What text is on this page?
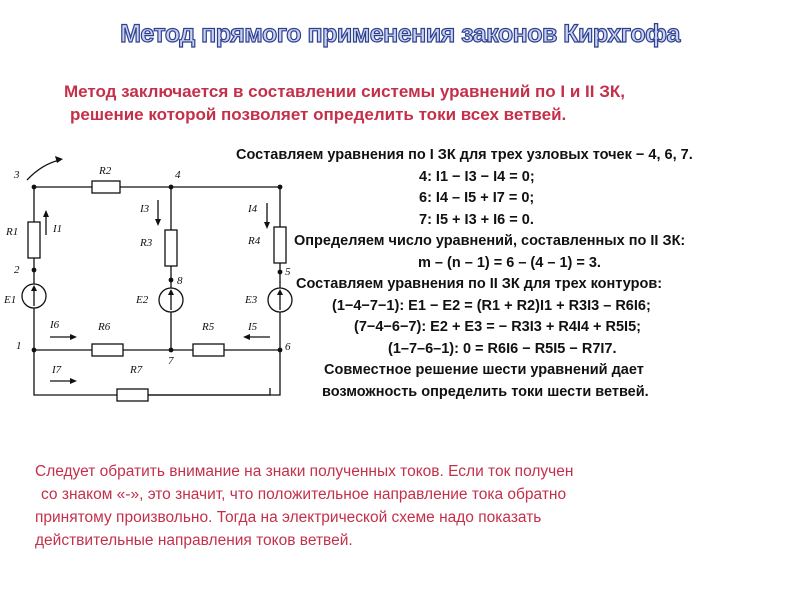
Метод прямого применения законов Кирхгофа
Метод заключается в составлении системы уравнений по I и II ЗК,
решение которой позволяет определить токи всех ветвей.
3	4
2
8
5
1
7
6
R2
R1
R3	R4
R6	R5
R7
E1	E2	E3
I1
I3	I4
I6	I5
I7
Составляем уравнения по I ЗК для трех узловых точек − 4, 6, 7.
4: I1 − I3 − I4 = 0;
6: I4 – I5 + I7 = 0;
7: I5 + I3 + I6 = 0.
Определяем число уравнений, составленных по II ЗК:
m – (n – 1) = 6 – (4 – 1) = 3.
Составляем уравнения по II ЗК для трех контуров:
(1−4−7−1): E1 − E2 = (R1 + R2)I1 + R3I3 – R6I6;
(7−4−6−7): E2 + E3 = − R3I3 + R4I4 + R5I5;
(1–7–6–1): 0 = R6I6 − R5I5 − R7I7.
Совместное решение шести уравнений дает
возможность определить токи шести ветвей.
Следует обратить внимание на знаки полученных токов. Если ток получен
со знаком «-», это значит, что положительное направление тока обратно
принятому произвольно. Тогда на электрической схеме надо показать
действительные направления токов ветвей.
